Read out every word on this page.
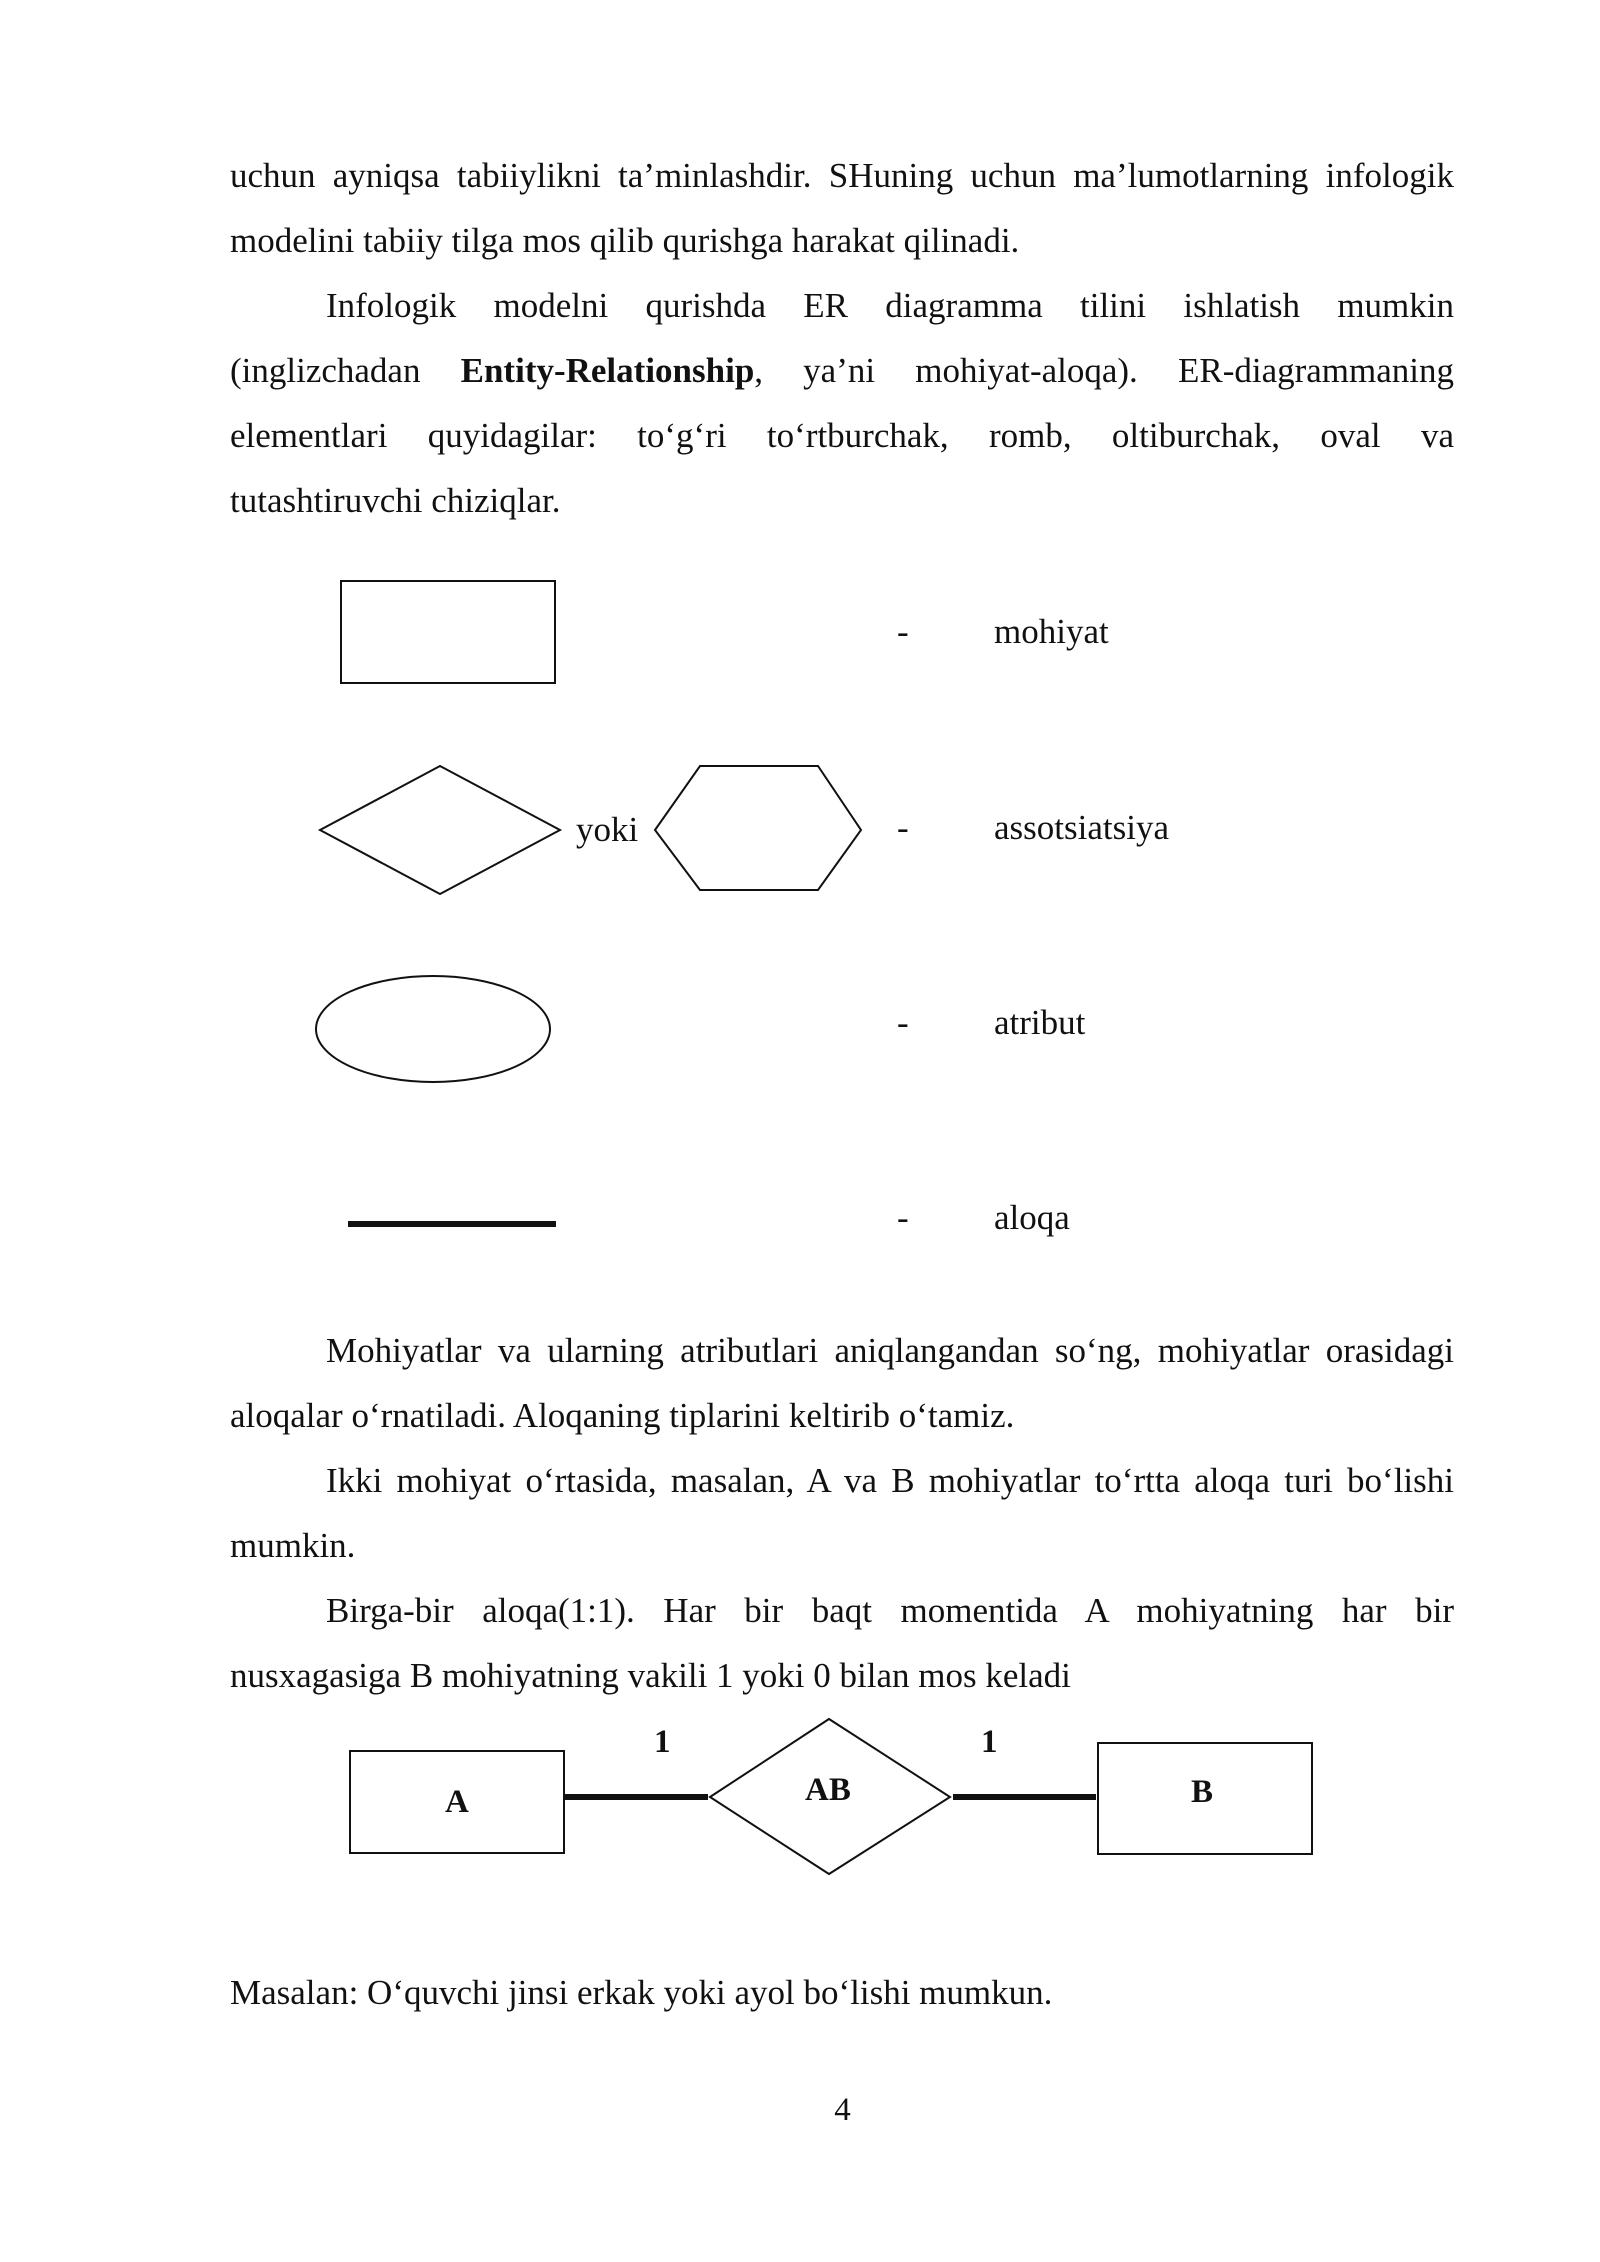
uchun ayniqsa tabiiylikni ta’minlashdir. SHuning uchun ma’lumotlarning infologik

modelini tabiiy tilga mos qilib qurishga harakat qilinadi.

Infologik modelni qurishda ER diagramma tilini ishlatish mumkin

(inglizchadan Entity-Relationship, ya’ni mohiyat-aloqa). ER-diagrammaning

elementlari quyidagilar: to‘g‘ri to‘rtburchak, romb, oltiburchak, oval va

tutashtiruvchi chiziqlar.

yoki
- mohiyat
- assotsiatsiya
- atribut
- aloqa

Mohiyatlar va ularning atributlari aniqlangandan so‘ng, mohiyatlar orasidagi

aloqalar o‘rnatiladi. Aloqaning tiplarini keltirib o‘tamiz.

Ikki mohiyat o‘rtasida, masalan, A va B mohiyatlar to‘rtta aloqa turi bo‘lishi

mumkin.

Birga-bir aloqa(1:1). Har bir baqt momentida A mohiyatning har bir

nusxagasiga B mohiyatning vakili 1 yoki 0 bilan mos keladi

1	1
A	AB	B

Masalan: O‘quvchi jinsi erkak yoki ayol bo‘lishi mumkun.

4
